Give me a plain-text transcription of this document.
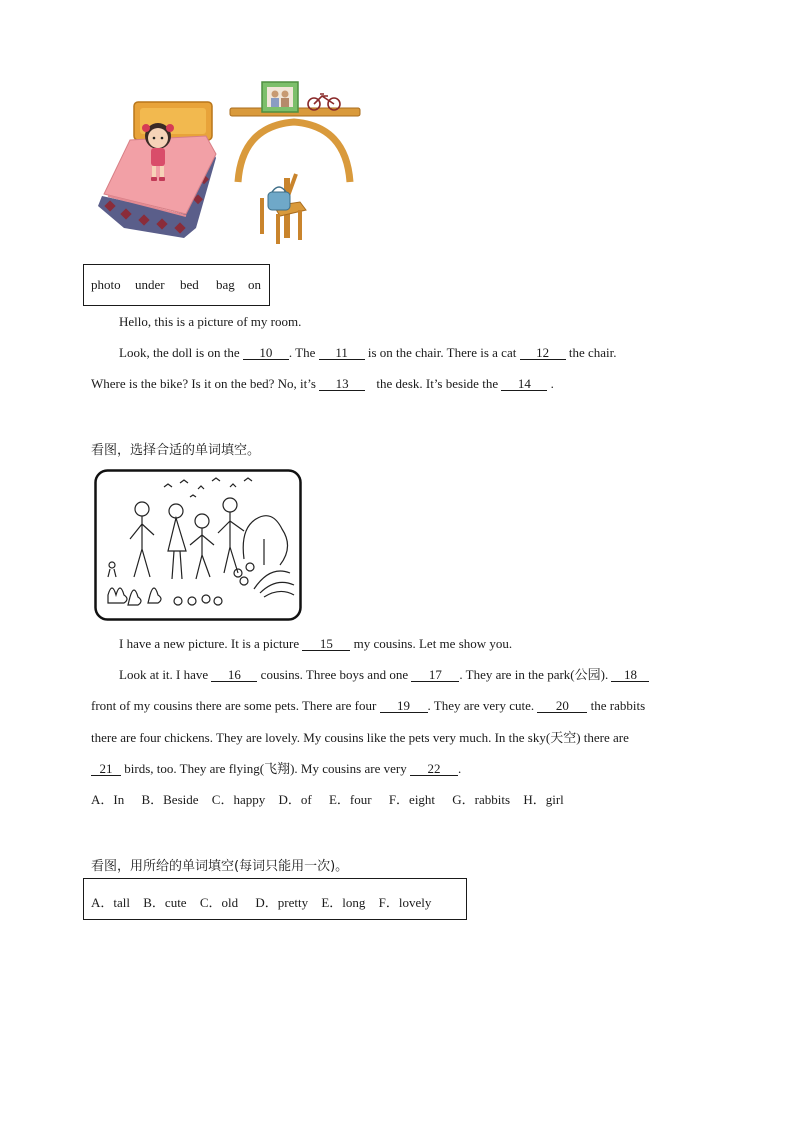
photo under bed bag on
Hello, this is a picture of my room.
Look, the doll is on the 10 . The 11 is on the chair. There is a cat 12 the chair.
Where is the bike? Is it on the bed? No, it’s 13 the desk. It’s beside the 14 .
看图，选择合适的单词填空。
I have a new picture. It is a picture 15 my cousins. Let me show you.
Look at it. I have 16 cousins. Three boys and one 17 . They are in the park(公园). 18
front of my cousins there are some pets. There are four 19 . They are very cute. 20 the rabbits
there are four chickens. They are lovely. My cousins like the pets very much. In the sky(天空) there are
21 birds, too. They are flying(飞翔). My cousins are very 22 .
A．In B．Beside C．happy D．of E．four F．eight G．rabbits H．girl
看图，用所给的单词填空(每词只能用一次)。
A．tall B．cute C．old D．pretty E．long F．lovely
